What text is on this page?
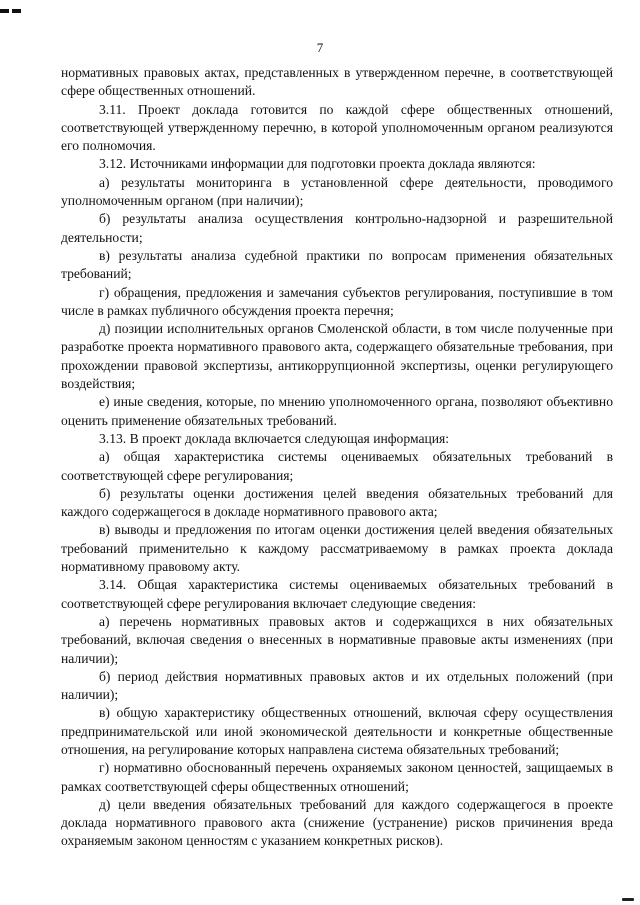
7

нормативных правовых актах, представленных в утвержденном перечне, в соответствующей сфере общественных отношений.

3.11. Проект доклада готовится по каждой сфере общественных отношений, соответствующей утвержденному перечню, в которой уполномоченным органом реализуются его полномочия.

3.12. Источниками информации для подготовки проекта доклада являются:

а) результаты мониторинга в установленной сфере деятельности, проводимого уполномоченным органом (при наличии);

б) результаты анализа осуществления контрольно-надзорной и разрешительной деятельности;

в) результаты анализа судебной практики по вопросам применения обязательных требований;

г) обращения, предложения и замечания субъектов регулирования, поступившие в том числе в рамках публичного обсуждения проекта перечня;

д) позиции исполнительных органов Смоленской области, в том числе полученные при разработке проекта нормативного правового акта, содержащего обязательные требования, при прохождении правовой экспертизы, антикоррупционной экспертизы, оценки регулирующего воздействия;

е) иные сведения, которые, по мнению уполномоченного органа, позволяют объективно оценить применение обязательных требований.

3.13. В проект доклада включается следующая информация:

а) общая характеристика системы оцениваемых обязательных требований в соответствующей сфере регулирования;

б) результаты оценки достижения целей введения обязательных требований для каждого содержащегося в докладе нормативного правового акта;

в) выводы и предложения по итогам оценки достижения целей введения обязательных требований применительно к каждому рассматриваемому в рамках проекта доклада нормативному правовому акту.

3.14. Общая характеристика системы оцениваемых обязательных требований в соответствующей сфере регулирования включает следующие сведения:

а) перечень нормативных правовых актов и содержащихся в них обязательных требований, включая сведения о внесенных в нормативные правовые акты изменениях (при наличии);

б) период действия нормативных правовых актов и их отдельных положений (при наличии);

в) общую характеристику общественных отношений, включая сферу осуществления предпринимательской или иной экономической деятельности и конкретные общественные отношения, на регулирование которых направлена система обязательных требований;

г) нормативно обоснованный перечень охраняемых законом ценностей, защищаемых в рамках соответствующей сферы общественных отношений;

д) цели введения обязательных требований для каждого содержащегося в проекте доклада нормативного правового акта (снижение (устранение) рисков причинения вреда охраняемым законом ценностям с указанием конкретных рисков).
